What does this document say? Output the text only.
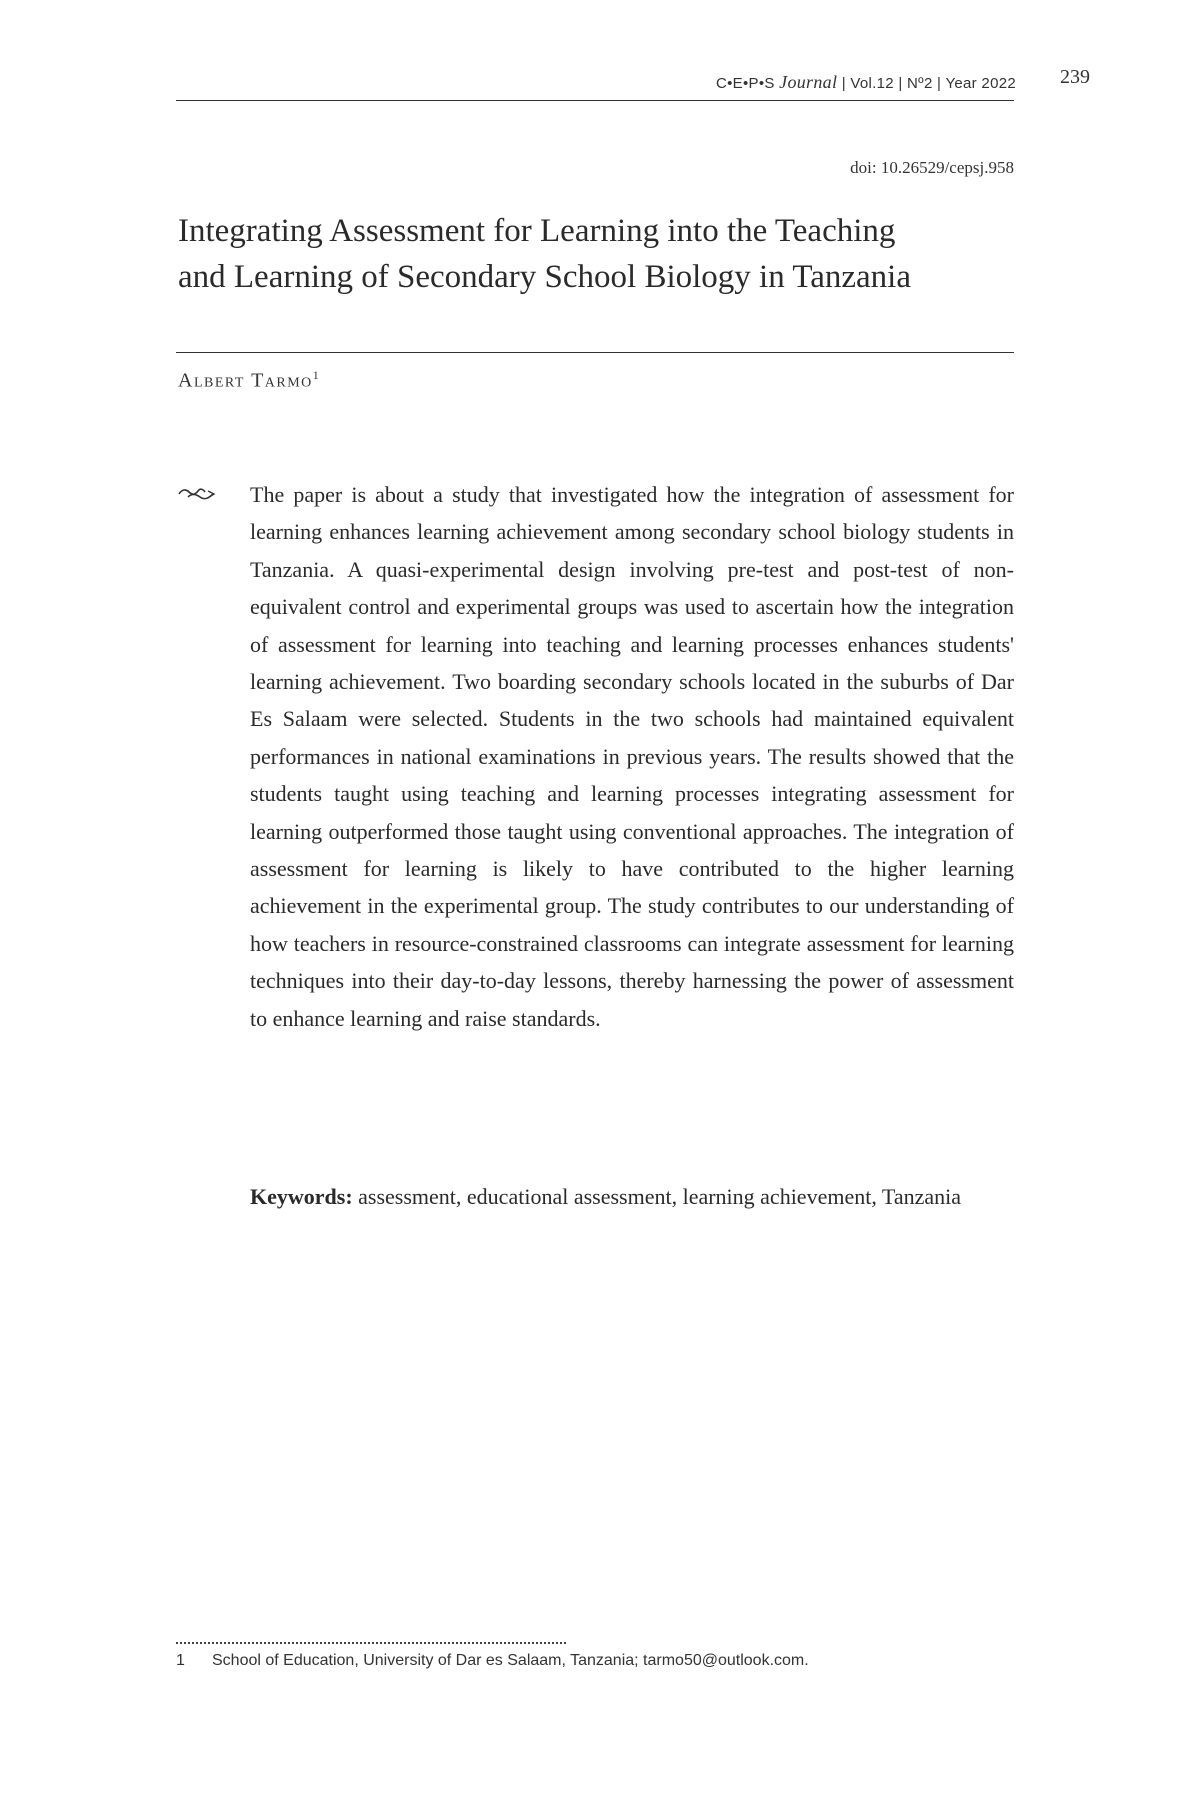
C•E•P•S Journal | Vol.12 | Nº2 | Year 2022 239
doi: 10.26529/cepsj.958
Integrating Assessment for Learning into the Teaching
and Learning of Secondary School Biology in Tanzania
Albert Tarmo$^1$

The paper is about a study that investigated how the integration of assessment for learning enhances learning achievement among secondary school biology students in Tanzania. A quasi-experimental design involving pre-test and post-test of non-equivalent control and experimental groups was used to ascertain how the integration of assessment for learning into teaching and learning processes enhances students' learning achievement. Two boarding secondary schools located in the suburbs of Dar Es Salaam were selected. Students in the two schools had maintained equivalent performances in national examinations in previous years. The results showed that the students taught using teaching and learning processes integrating assessment for learning outperformed those taught using conventional approaches. The integration of assessment for learning is likely to have contributed to the higher learning achievement in the experimental group. The study contributes to our understanding of how teachers in resource-constrained classrooms can integrate assessment for learning techniques into their day-to-day lessons, thereby harnessing the power of assessment to enhance learning and raise standards.

Keywords: assessment, educational assessment, learning achievement, Tanzania

1 School of Education, University of Dar es Salaam, Tanzania; tarmo50@outlook.com.
